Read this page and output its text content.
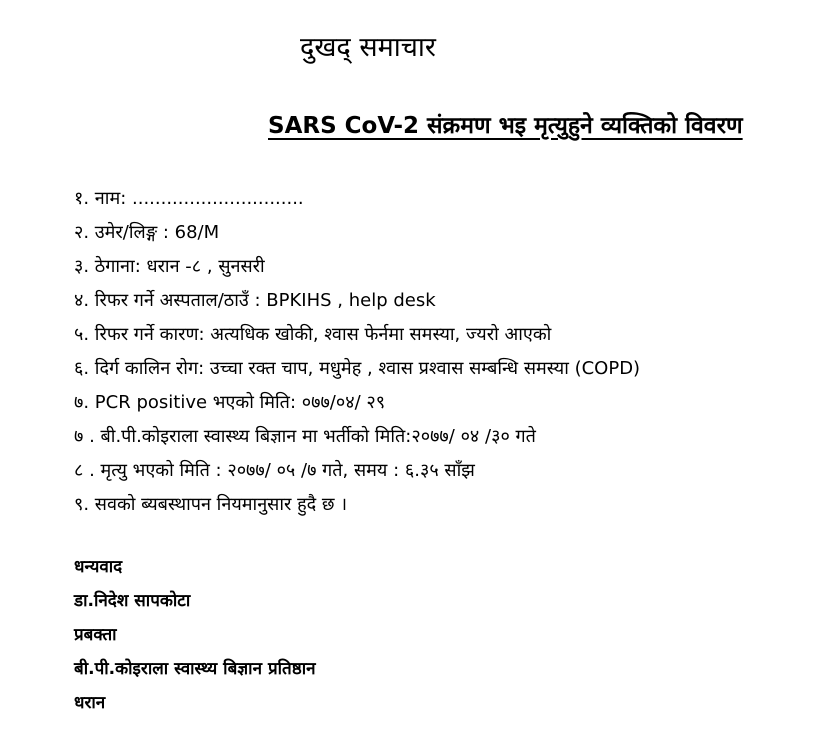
दुखद् समाचार
SARS CoV-2 संक्रमण भइ मृत्युहुने व्यक्तिको विवरण
१. नाम: ..............................
२. उमेर/लिङ्ग : 68/M
३. ठेगाना: धरान -८ , सुनसरी
४. रिफर गर्ने अस्पताल/ठाउँ : BPKIHS , help desk
५. रिफर गर्ने कारण: अत्यधिक खोकी, श्वास फेर्नमा समस्या, ज्यरो आएको
६. दिर्ग कालिन रोग: उच्चा रक्त चाप, मधुमेह , श्वास प्रश्वास सम्बन्धि समस्या (COPD)
७. PCR positive भएको मिति: ०७७/०४/ २९
७ . बी.पी.कोइराला स्वास्थ्य बिज्ञान मा भर्तीको मिति:२०७७/ ०४ /३० गते
८ . मृत्यु भएको मिति : २०७७/ ०५ /७ गते, समय : ६.३५ साँझ
९. सवको ब्यबस्थापन नियमानुसार हुदै छ ।
धन्यवाद
डा.निदेश सापकोटा
प्रबक्ता
बी.पी.कोइराला स्वास्थ्य बिज्ञान प्रतिष्ठान
धरान
